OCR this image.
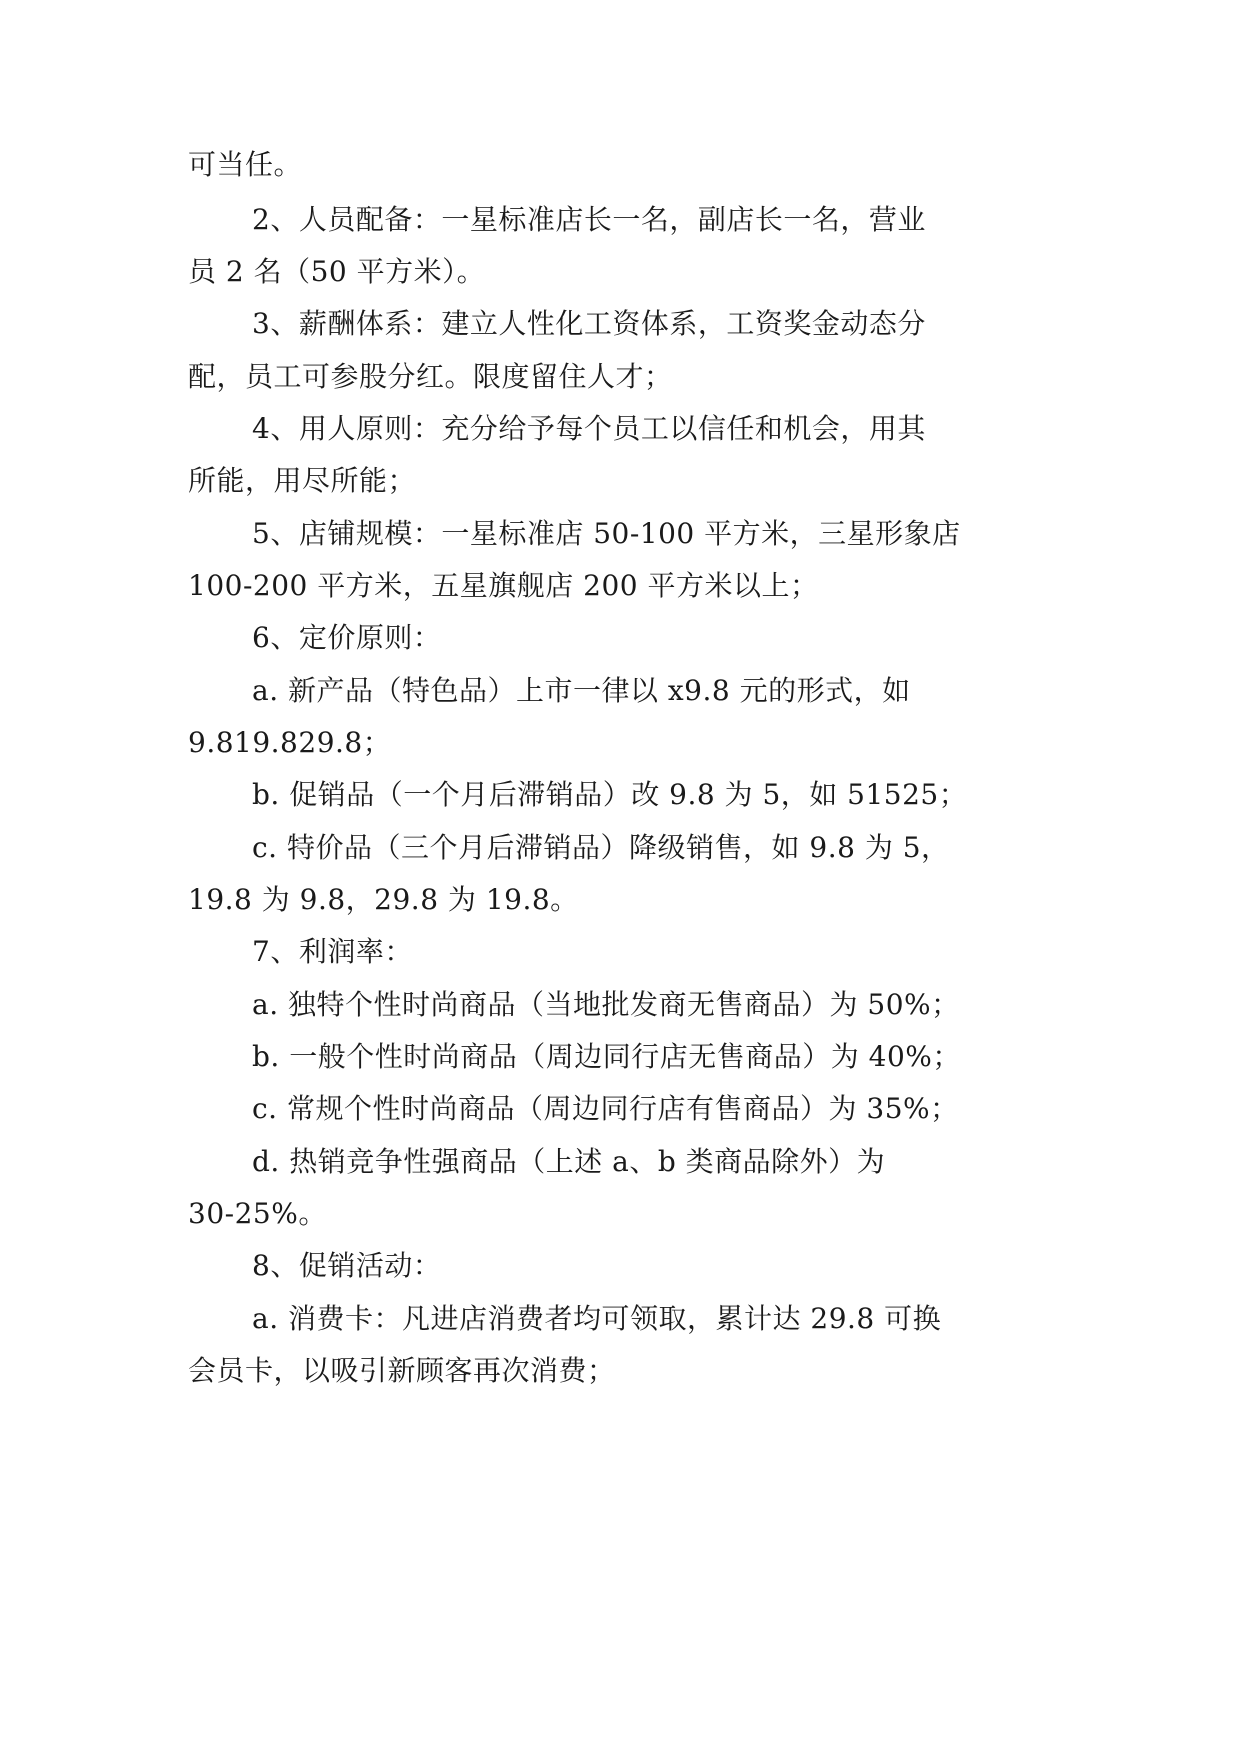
可当任。
2、人员配备：一星标准店长一名，副店长一名，营业
员 2 名（50 平方米）。
3、薪酬体系：建立人性化工资体系，工资奖金动态分
配，员工可参股分红。限度留住人才；
4、用人原则：充分给予每个员工以信任和机会，用其
所能，用尽所能；
5、店铺规模：一星标准店 50-100 平方米，三星形象店
100-200 平方米，五星旗舰店 200 平方米以上；
6、定价原则：
a. 新产品（特色品）上市一律以 x9.8 元的形式，如
9.819.829.8；
b. 促销品（一个月后滞销品）改 9.8 为 5，如 51525；
c. 特价品（三个月后滞销品）降级销售，如 9.8 为 5，
19.8 为 9.8，29.8 为 19.8。
7、利润率：
a. 独特个性时尚商品（当地批发商无售商品）为 50%；
b. 一般个性时尚商品（周边同行店无售商品）为 40%；
c. 常规个性时尚商品（周边同行店有售商品）为 35%；
d. 热销竞争性强商品（上述 a、b 类商品除外）为
30-25%。
8、促销活动：
a. 消费卡：凡进店消费者均可领取，累计达 29.8 可换
会员卡，以吸引新顾客再次消费；
